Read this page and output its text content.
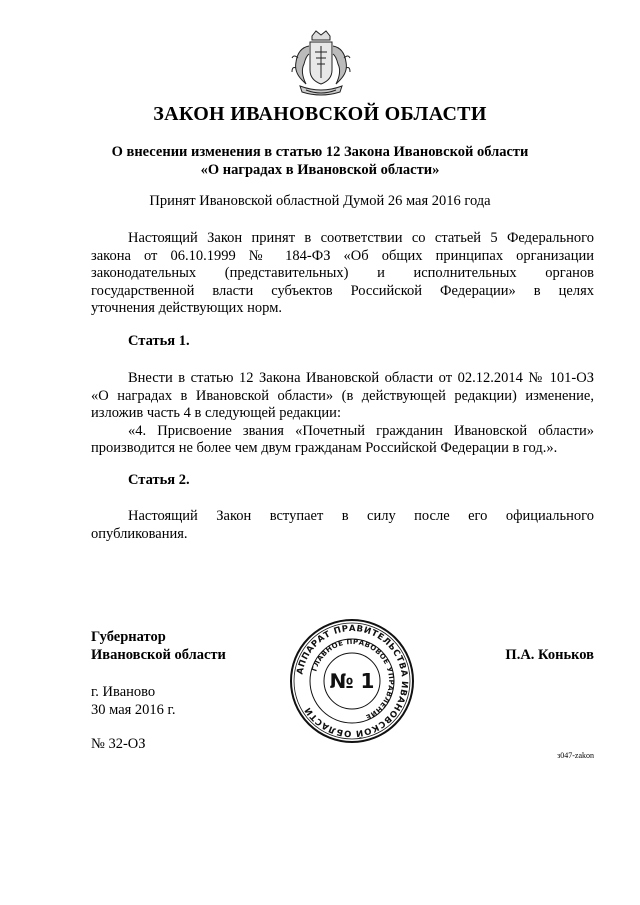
ЗАКОН ИВАНОВСКОЙ ОБЛАСТИ
О внесении изменения в статью 12 Закона Ивановской области
«О наградах в Ивановской области»
Принят Ивановской областной Думой 26 мая 2016 года
Настоящий Закон принят в соответствии со статьей 5 Федерального
закона от 06.10.1999 № 184-ФЗ «Об общих принципах организации
законодательных (представительных) и исполнительных органов
государственной власти субъектов Российской Федерации» в целях
уточнения действующих норм.
Статья 1.
Внести в статью 12 Закона Ивановской области от 02.12.2014 № 101-ОЗ
«О наградах в Ивановской области» (в действующей редакции) изменение,
изложив часть 4 в следующей редакции:
«4. Присвоение звания «Почетный гражданин Ивановской области»
производится не более чем двум гражданам Российской Федерации в год.».
Статья 2.
Настоящий Закон вступает в силу после его официального
опубликования.
Губернатор
Ивановской области	П.А. Коньков
г. Иваново
30 мая 2016 г.
№ 32-ОЗ
з047-zakon
АППАРАТ ПРАВИТЕЛЬСТВА ИВАНОВСКОЙ ОБЛАСТИ
ГЛАВНОЕ ПРАВОВОЕ УПРАВЛЕНИЕ
№ 1
